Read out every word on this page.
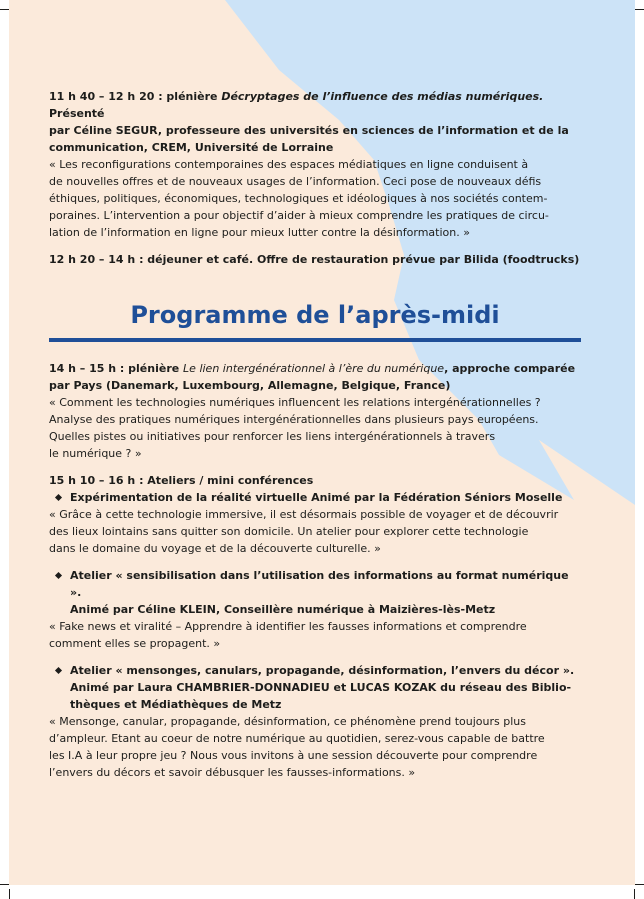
11 h 40 – 12 h 20 : plénière Décryptages de l’influence des médias numériques. Présenté
par Céline SEGUR, professeure des universités en sciences de l’information et de la
communication, CREM, Université de Lorraine
« Les reconfigurations contemporaines des espaces médiatiques en ligne conduisent à
de nouvelles offres et de nouveaux usages de l’information. Ceci pose de nouveaux défis
éthiques, politiques, économiques, technologiques et idéologiques à nos sociétés contem-
poraines. L’intervention a pour objectif d’aider à mieux comprendre les pratiques de circu-
lation de l’information en ligne pour mieux lutter contre la désinformation. »
12 h 20 – 14 h : déjeuner et café. Offre de restauration prévue par Bilida (foodtrucks)
Programme de l’après-midi
14 h – 15 h : plénière Le lien intergénérationnel à l’ère du numérique, approche comparée
par Pays (Danemark, Luxembourg, Allemagne, Belgique, France)
« Comment les technologies numériques influencent les relations intergénérationnelles ?
Analyse des pratiques numériques intergénérationnelles dans plusieurs pays européens.
Quelles pistes ou initiatives pour renforcer les liens intergénérationnels à travers
le numérique ? »
15 h 10 – 16 h : Ateliers / mini conférences
Expérimentation de la réalité virtuelle Animé par la Fédération Séniors Moselle
« Grâce à cette technologie immersive, il est désormais possible de voyager et de découvrir
des lieux lointains sans quitter son domicile. Un atelier pour explorer cette technologie
dans le domaine du voyage et de la découverte culturelle. »
Atelier « sensibilisation dans l’utilisation des informations au format numérique ».
Animé par Céline KLEIN, Conseillère numérique à Maizières-lès-Metz
« Fake news et viralité – Apprendre à identifier les fausses informations et comprendre
comment elles se propagent. »
Atelier « mensonges, canulars, propagande, désinformation, l’envers du décor ».
Animé par Laura CHAMBRIER-DONNADIEU et LUCAS KOZAK du réseau des Biblio-
thèques et Médiathèques de Metz
« Mensonge, canular, propagande, désinformation, ce phénomène prend toujours plus
d’ampleur. Etant au coeur de notre numérique au quotidien, serez-vous capable de battre
les I.A à leur propre jeu ? Nous vous invitons à une session découverte pour comprendre
l’envers du décors et savoir débusquer les fausses-informations. »
